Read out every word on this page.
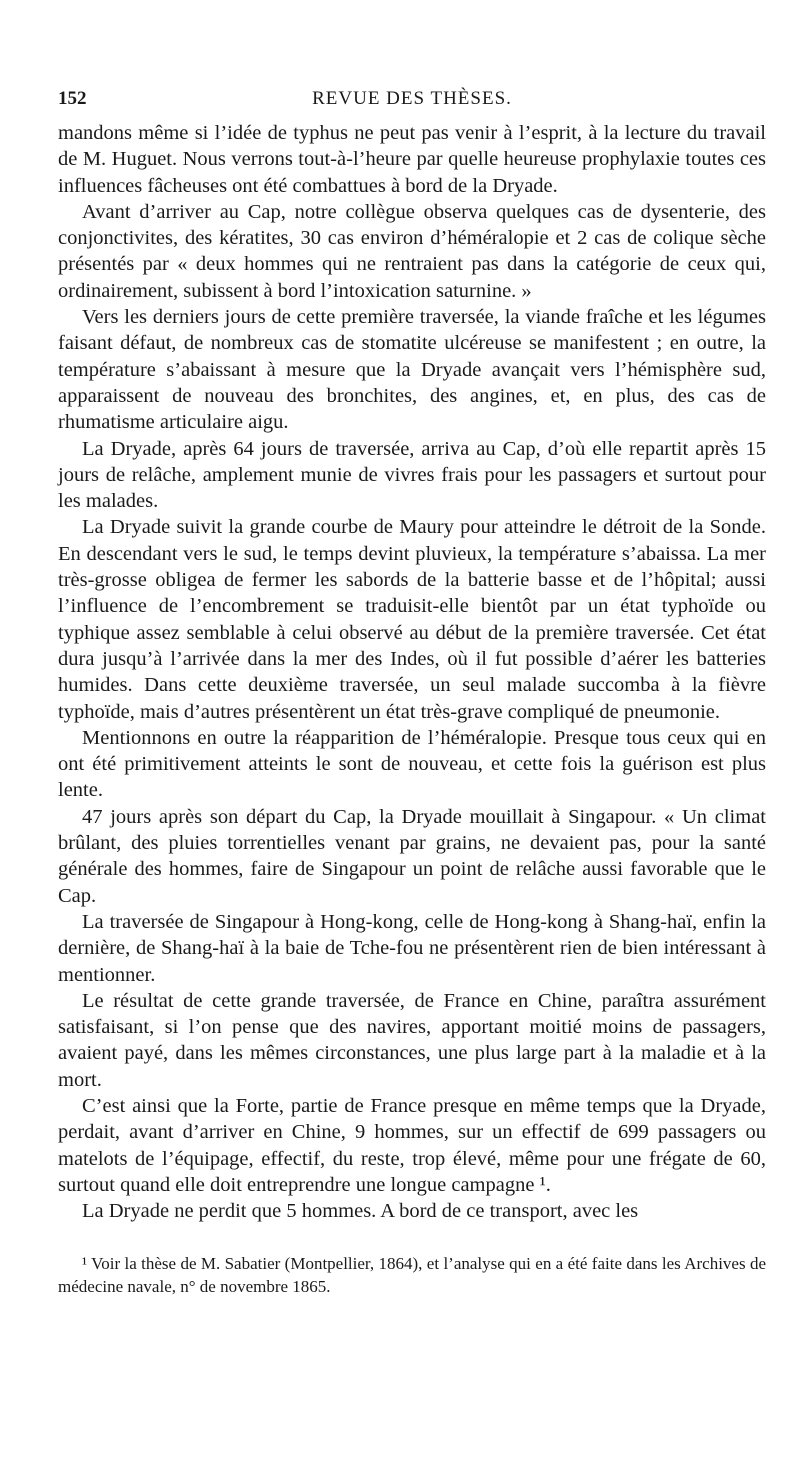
152	REVUE DES THÈSES.

mandons même si l’idée de typhus ne peut pas venir à l’esprit, à la lecture du travail de M. Huguet. Nous verrons tout-à-l’heure par quelle heureuse prophylaxie toutes ces influences fâcheuses ont été combattues à bord de la Dryade.

Avant d’arriver au Cap, notre collègue observa quelques cas de dysenterie, des conjonctivites, des kératites, 30 cas environ d’héméralopie et 2 cas de colique sèche présentés par « deux hommes qui ne rentraient pas dans la catégorie de ceux qui, ordinairement, subissent à bord l’intoxication saturnine. »

Vers les derniers jours de cette première traversée, la viande fraîche et les légumes faisant défaut, de nombreux cas de stomatite ulcéreuse se manifestent ; en outre, la température s’abaissant à mesure que la Dryade avançait vers l’hémisphère sud, apparaissent de nouveau des bronchites, des angines, et, en plus, des cas de rhumatisme articulaire aigu.

La Dryade, après 64 jours de traversée, arriva au Cap, d’où elle repartit après 15 jours de relâche, amplement munie de vivres frais pour les passagers et surtout pour les malades.

La Dryade suivit la grande courbe de Maury pour atteindre le détroit de la Sonde. En descendant vers le sud, le temps devint pluvieux, la température s’abaissa. La mer très-grosse obligea de fermer les sabords de la batterie basse et de l’hôpital; aussi l’influence de l’encombrement se traduisit-elle bientôt par un état typhoïde ou typhique assez semblable à celui observé au début de la première traversée. Cet état dura jusqu’à l’arrivée dans la mer des Indes, où il fut possible d’aérer les batteries humides. Dans cette deuxième traversée, un seul malade succomba à la fièvre typhoïde, mais d’autres présentèrent un état très-grave compliqué de pneumonie.

Mentionnons en outre la réapparition de l’héméralopie. Presque tous ceux qui en ont été primitivement atteints le sont de nouveau, et cette fois la guérison est plus lente.

47 jours après son départ du Cap, la Dryade mouillait à Singapour. « Un climat brûlant, des pluies torrentielles venant par grains, ne devaient pas, pour la santé générale des hommes, faire de Singapour un point de relâche aussi favorable que le Cap.

La traversée de Singapour à Hong-kong, celle de Hong-kong à Shang-haï, enfin la dernière, de Shang-haï à la baie de Tche-fou ne présentèrent rien de bien intéressant à mentionner.

Le résultat de cette grande traversée, de France en Chine, paraîtra assurément satisfaisant, si l’on pense que des navires, apportant moitié moins de passagers, avaient payé, dans les mêmes circonstances, une plus large part à la maladie et à la mort.

C’est ainsi que la Forte, partie de France presque en même temps que la Dryade, perdait, avant d’arriver en Chine, 9 hommes, sur un effectif de 699 passagers ou matelots de l’équipage, effectif, du reste, trop élevé, même pour une frégate de 60, surtout quand elle doit entreprendre une longue campagne ¹.

La Dryade ne perdit que 5 hommes. A bord de ce transport, avec les

¹ Voir la thèse de M. Sabatier (Montpellier, 1864), et l’analyse qui en a été faite dans les Archives de médecine navale, n° de novembre 1865.
